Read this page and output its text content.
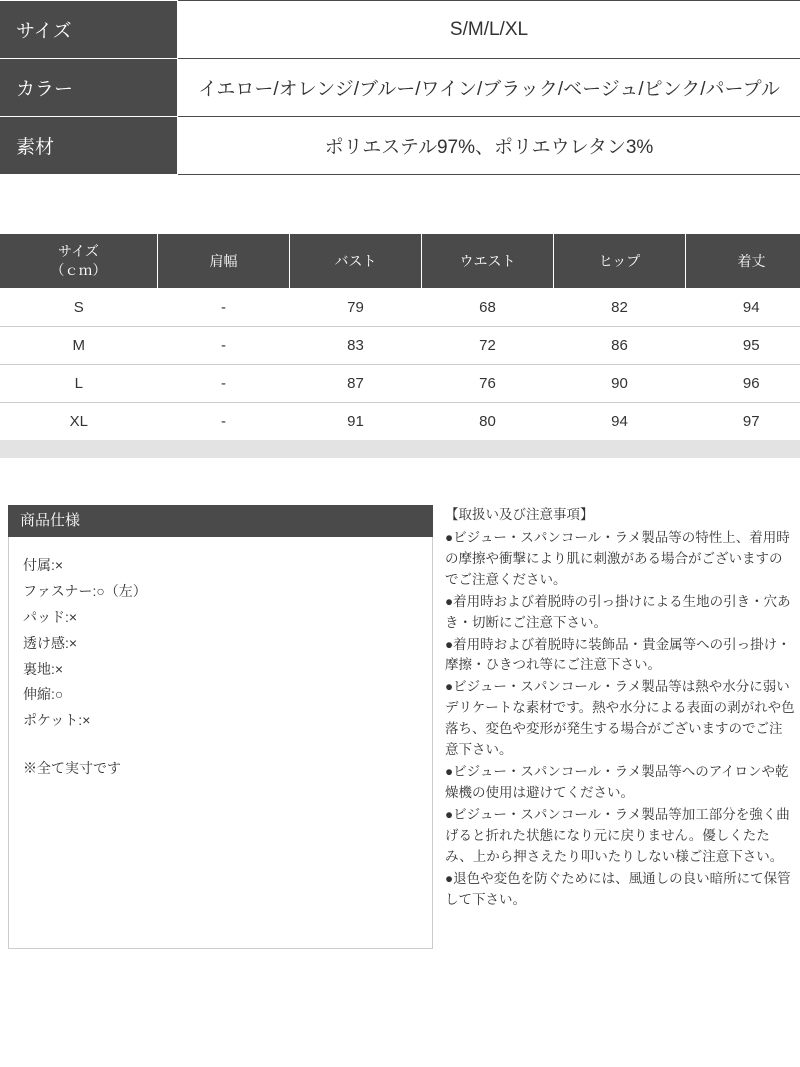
サイズ	S/M/L/XL
カラー	イエロー/オレンジ/ブルー/ワイン/ブラック/ベージュ/ピンク/パープル
素材	ポリエステル97%、ポリエウレタン3%
サイズ
（ｃｍ）	肩幅	バスト	ウエスト	ヒップ	着丈
S	-	79	68	82	94
M	-	83	72	86	95
L	-	87	76	90	96
XL	-	91	80	94	97
商品仕様
付属:×
ファスナー:○（左）
パッド:×
透け感:×
裏地:×
伸縮:○
ポケット:×
※全て実寸です
【取扱い及び注意事項】

●ビジュー・スパンコール・ラメ製品等の特性上、着用時の摩擦や衝撃により肌に刺激がある場合がございますのでご注意ください。

●着用時および着脱時の引っ掛けによる生地の引き・穴あき・切断にご注意下さい。

●着用時および着脱時に装飾品・貴金属等への引っ掛け・摩擦・ひきつれ等にご注意下さい。

●ビジュー・スパンコール・ラメ製品等は熱や水分に弱いデリケートな素材です。熱や水分による表面の剥がれや色落ち、変色や変形が発生する場合がございますのでご注意下さい。

●ビジュー・スパンコール・ラメ製品等へのアイロンや乾燥機の使用は避けてください。

●ビジュー・スパンコール・ラメ製品等加工部分を強く曲げると折れた状態になり元に戻りません。優しくたたみ、上から押さえたり叩いたりしない様ご注意下さい。

●退色や変色を防ぐためには、風通しの良い暗所にて保管して下さい。
